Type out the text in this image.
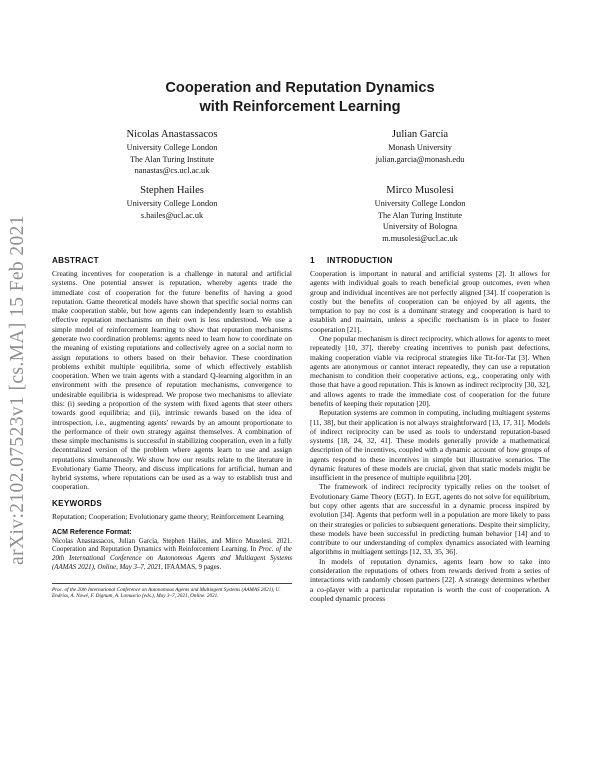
arXiv:2102.07523v1 [cs.MA] 15 Feb 2021
Cooperation and Reputation Dynamics
with Reinforcement Learning
Nicolas Anastassacos
University College London
The Alan Turing Institute
nanastas@cs.ucl.ac.uk
Julian García
Monash University
julian.garcia@monash.edu
Stephen Hailes
University College London
s.hailes@ucl.ac.uk
Mirco Musolesi
University College London
The Alan Turing Institute
University of Bologna
m.musolesi@ucl.ac.uk
ABSTRACT

Creating incentives for cooperation is a challenge in natural and artificial systems. One potential answer is reputation, whereby agents trade the immediate cost of cooperation for the future benefits of having a good reputation. Game theoretical models have shown that specific social norms can make cooperation stable, but how agents can independently learn to establish effective reputation mechanisms on their own is less understood. We use a simple model of reinforcement learning to show that reputation mechanisms generate two coordination problems: agents need to learn how to coordinate on the meaning of existing reputations and collectively agree on a social norm to assign reputations to others based on their behavior. These coordination problems exhibit multiple equilibria, some of which effectively establish cooperation. When we train agents with a standard Q-learning algorithm in an environment with the presence of reputation mechanisms, convergence to undesirable equilibria is widespread. We propose two mechanisms to alleviate this: (i) seeding a proportion of the system with fixed agents that steer others towards good equilibria; and (ii), intrinsic rewards based on the idea of introspection, i.e., augmenting agents' rewards by an amount proportionate to the performance of their own strategy against themselves. A combination of these simple mechanisms is successful in stabilizing cooperation, even in a fully decentralized version of the problem where agents learn to use and assign reputations simultaneously. We show how our results relate to the literature in Evolutionary Game Theory, and discuss implications for artificial, human and hybrid systems, where reputations can be used as a way to establish trust and cooperation.

KEYWORDS

Reputation; Cooperation; Evolutionary game theory; Reinforcement Learning

ACM Reference Format:
Nicolas Anastassacos, Julian García, Stephen Hailes, and Mirco Musolesi. 2021. Cooperation and Reputation Dynamics with Reinforcement Learning. In Proc. of the 20th International Conference on Autonomous Agents and Multiagent Systems (AAMAS 2021), Online, May 3–7, 2021, IFAAMAS, 9 pages.

Proc. of the 20th International Conference on Autonomous Agents and Multiagent Systems (AAMAS 2021), U. Endriss, A. Nowé, F. Dignum, A. Lomuscio (eds.), May 3–7, 2021, Online. 2021.

1 INTRODUCTION

Cooperation is important in natural and artificial systems [2]. It allows for agents with individual goals to reach beneficial group outcomes, even when group and individual incentives are not perfectly aligned [34]. If cooperation is costly but the benefits of cooperation can be enjoyed by all agents, the temptation to pay no cost is a dominant strategy and cooperation is hard to establish and maintain, unless a specific mechanism is in place to foster cooperation [21].

One popular mechanism is direct reciprocity, which allows for agents to meet repeatedly [10, 37], thereby creating incentives to punish past defections, making cooperation viable via reciprocal strategies like Tit-for-Tat [3]. When agents are anonymous or cannot interact repeatedly, they can use a reputation mechanism to condition their cooperative actions, e.g., cooperating only with those that have a good reputation. This is known as indirect reciprocity [30, 32], and allows agents to trade the immediate cost of cooperation for the future benefits of keeping their reputation [20].

Reputation systems are common in computing, including multiagent systems [11, 38], but their application is not always straightforward [13, 17, 31]. Models of indirect reciprocity can be used as tools to understand reputation-based systems [18, 24, 32, 41]. These models generally provide a mathematical description of the incentives, coupled with a dynamic account of how groups of agents respond to these incentives in simple but illustrative scenarios. The dynamic features of these models are crucial, given that static models might be insufficient in the presence of multiple equilibria [20].

The framework of indirect reciprocity typically relies on the toolset of Evolutionary Game Theory (EGT). In EGT, agents do not solve for equilibrium, but copy other agents that are successful in a dynamic process inspired by evolution [34]. Agents that perform well in a population are more likely to pass on their strategies or policies to subsequent generations. Despite their simplicity, these models have been successful in predicting human behavior [14] and to contribute to our understanding of complex dynamics associated with learning algorithms in multiagent settings [12, 33, 35, 36].

In models of reputation dynamics, agents learn how to take into consideration the reputations of others from rewards derived from a series of interactions with randomly chosen partners [22]. A strategy determines whether a co-player with a particular reputation is worth the cost of cooperation. A coupled dynamic process
